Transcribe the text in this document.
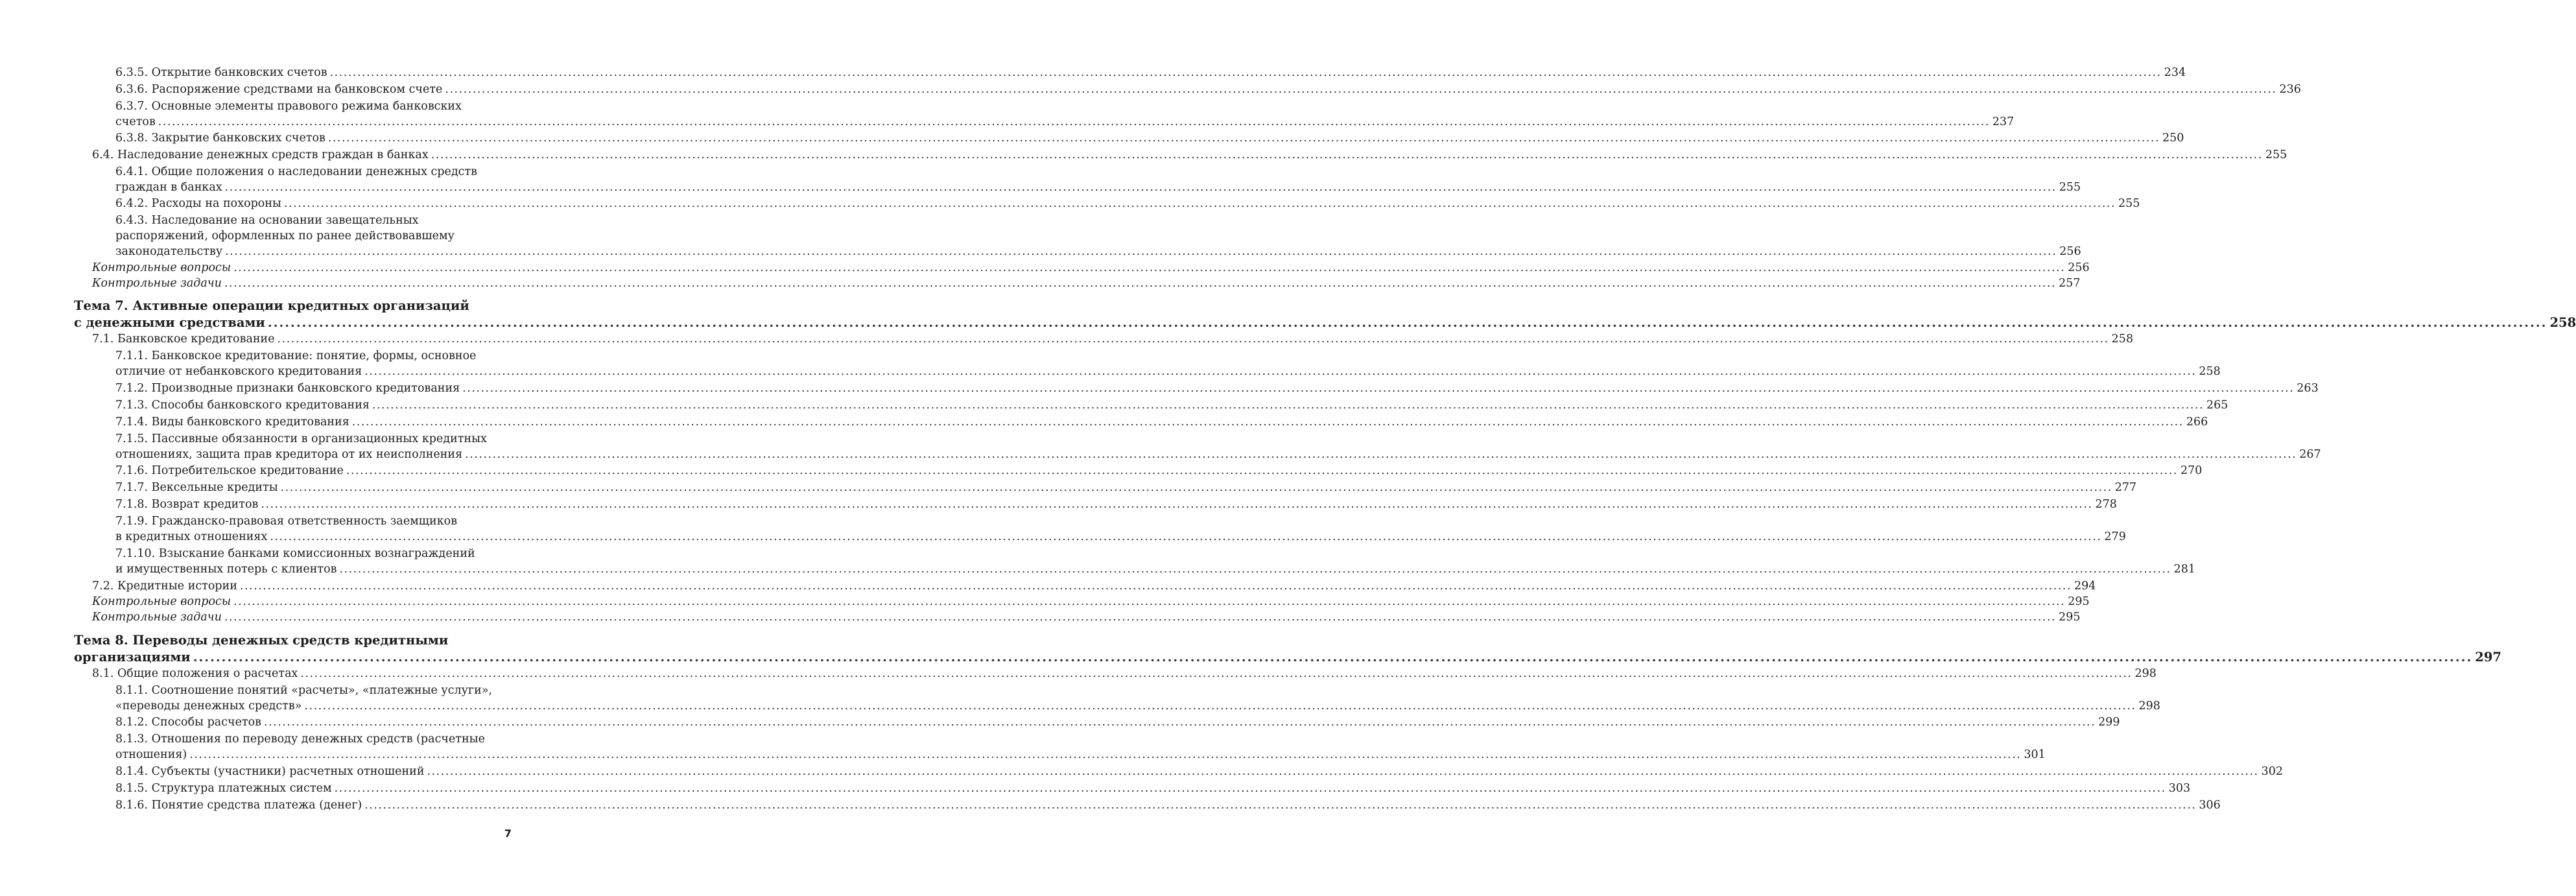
6.3.5. Открытие банковских счетов ................................................................................................................................................................................................................................................................................................................................................................................................................ 234
6.3.6. Распоряжение средствами на банковском счете ................................................................................................................................................................................................................................................................................................................................................................................................................ 236
6.3.7. Основные элементы правового режима банковских
счетов ................................................................................................................................................................................................................................................................................................................................................................................................................ 237
6.3.8. Закрытие банковских счетов ................................................................................................................................................................................................................................................................................................................................................................................................................ 250
6.4. Наследование денежных средств граждан в банках ................................................................................................................................................................................................................................................................................................................................................................................................................ 255
6.4.1. Общие положения о наследовании денежных средств
граждан в банках ................................................................................................................................................................................................................................................................................................................................................................................................................ 255
6.4.2. Расходы на похороны ................................................................................................................................................................................................................................................................................................................................................................................................................ 255
6.4.3. Наследование на основании завещательных
распоряжений, оформленных по ранее действовавшему
законодательству ................................................................................................................................................................................................................................................................................................................................................................................................................ 256
Контрольные вопросы ................................................................................................................................................................................................................................................................................................................................................................................................................ 256
Контрольные задачи ................................................................................................................................................................................................................................................................................................................................................................................................................ 257
Тема 7. Активные операции кредитных организаций
с денежными средствами ................................................................................................................................................................................................................................................................................................................................................................................................................ 258
7.1. Банковское кредитование ................................................................................................................................................................................................................................................................................................................................................................................................................ 258
7.1.1. Банковское кредитование: понятие, формы, основное
отличие от небанковского кредитования ................................................................................................................................................................................................................................................................................................................................................................................................................ 258
7.1.2. Производные признаки банковского кредитования ................................................................................................................................................................................................................................................................................................................................................................................................................ 263
7.1.3. Способы банковского кредитования ................................................................................................................................................................................................................................................................................................................................................................................................................ 265
7.1.4. Виды банковского кредитования ................................................................................................................................................................................................................................................................................................................................................................................................................ 266
7.1.5. Пассивные обязанности в организационных кредитных
отношениях, защита прав кредитора от их неисполнения ................................................................................................................................................................................................................................................................................................................................................................................................................ 267
7.1.6. Потребительское кредитование ................................................................................................................................................................................................................................................................................................................................................................................................................ 270
7.1.7. Вексельные кредиты ................................................................................................................................................................................................................................................................................................................................................................................................................ 277
7.1.8. Возврат кредитов ................................................................................................................................................................................................................................................................................................................................................................................................................ 278
7.1.9. Гражданско-правовая ответственность заемщиков
в кредитных отношениях ................................................................................................................................................................................................................................................................................................................................................................................................................ 279
7.1.10. Взыскание банками комиссионных вознаграждений
и имущественных потерь с клиентов ................................................................................................................................................................................................................................................................................................................................................................................................................ 281
7.2. Кредитные истории ................................................................................................................................................................................................................................................................................................................................................................................................................ 294
Контрольные вопросы ................................................................................................................................................................................................................................................................................................................................................................................................................ 295
Контрольные задачи ................................................................................................................................................................................................................................................................................................................................................................................................................ 295
Тема 8. Переводы денежных средств кредитными
организациями ................................................................................................................................................................................................................................................................................................................................................................................................................ 297
8.1. Общие положения о расчетах ................................................................................................................................................................................................................................................................................................................................................................................................................ 298
8.1.1. Соотношение понятий «расчеты», «платежные услуги»,
«переводы денежных средств» ................................................................................................................................................................................................................................................................................................................................................................................................................ 298
8.1.2. Способы расчетов ................................................................................................................................................................................................................................................................................................................................................................................................................ 299
8.1.3. Отношения по переводу денежных средств (расчетные
отношения) ................................................................................................................................................................................................................................................................................................................................................................................................................ 301
8.1.4. Субъекты (участники) расчетных отношений ................................................................................................................................................................................................................................................................................................................................................................................................................ 302
8.1.5. Структура платежных систем ................................................................................................................................................................................................................................................................................................................................................................................................................ 303
8.1.6. Понятие средства платежа (денег) ................................................................................................................................................................................................................................................................................................................................................................................................................ 306
7
